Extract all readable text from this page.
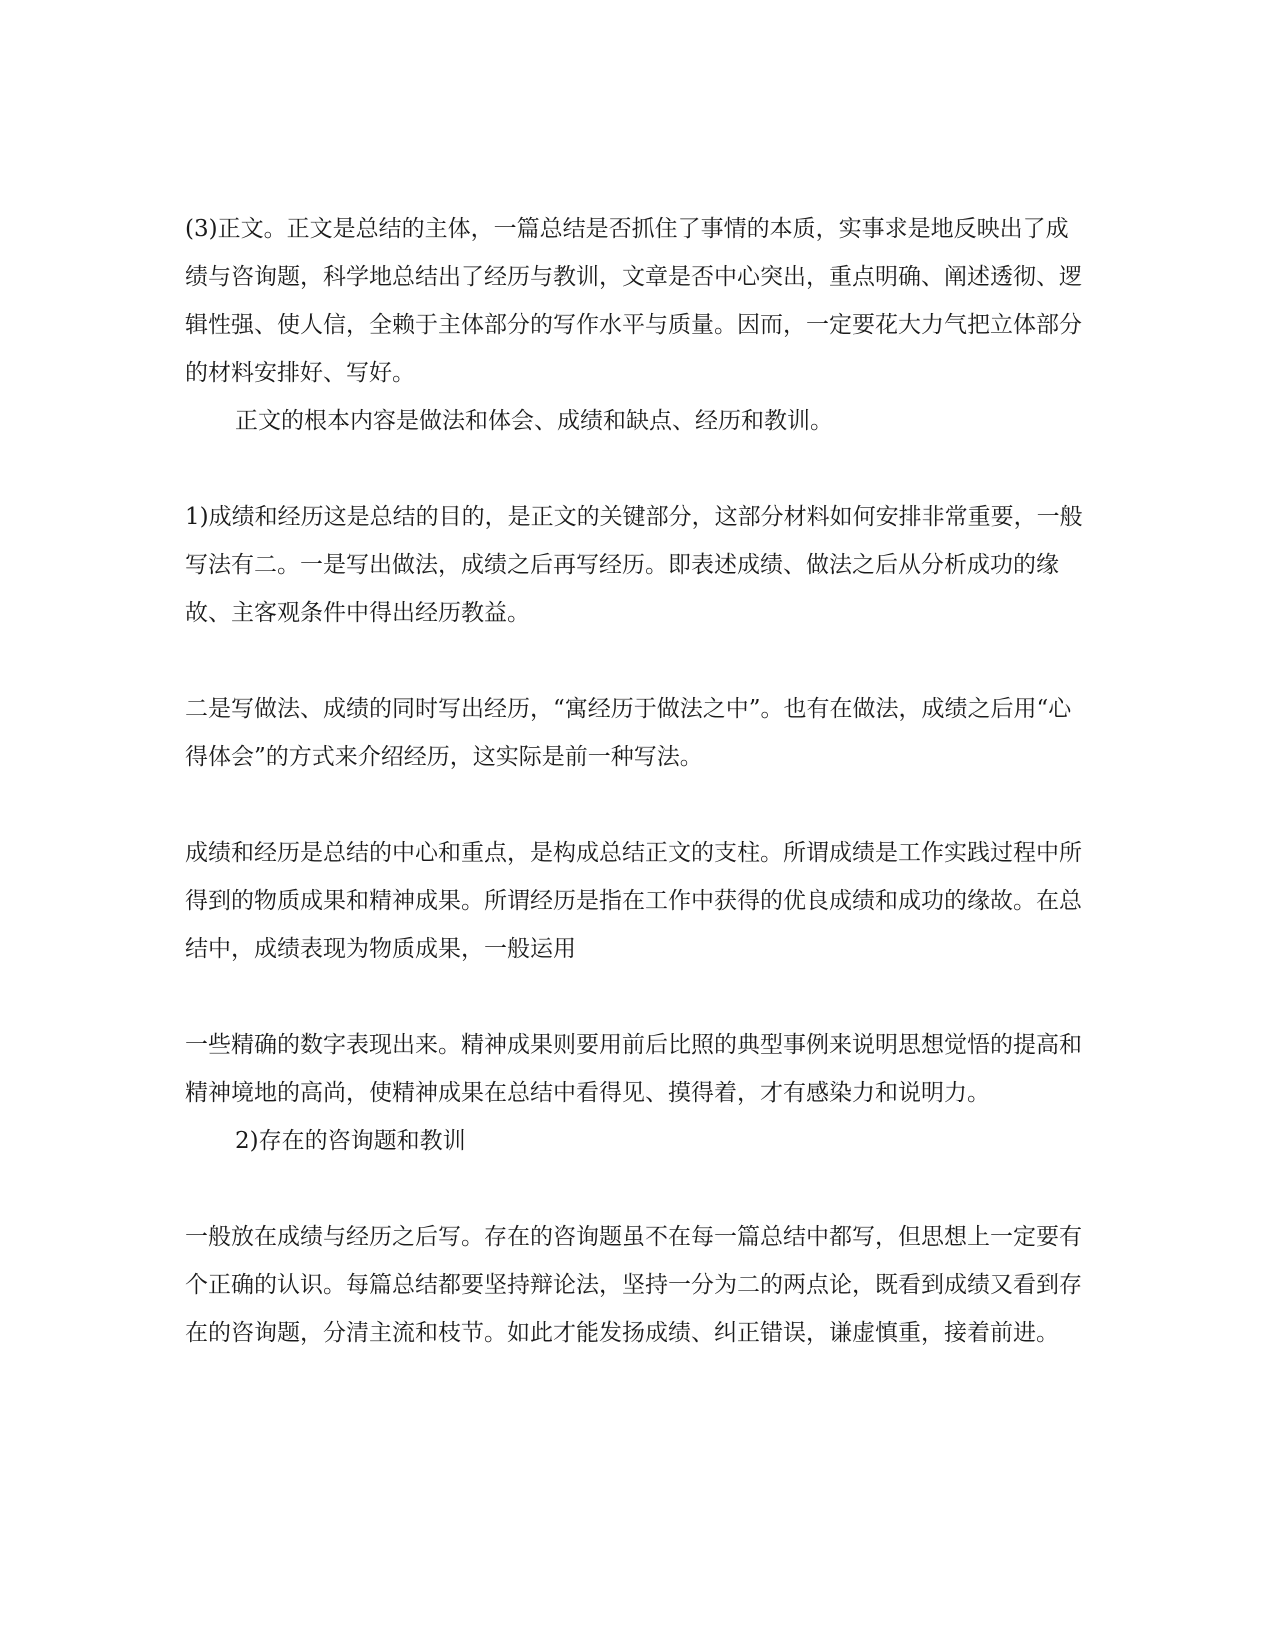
(3)正文。正文是总结的主体，一篇总结是否抓住了事情的本质，实事求是地反映出了成绩与咨询题，科学地总结出了经历与教训，文章是否中心突出，重点明确、阐述透彻、逻辑性强、使人信，全赖于主体部分的写作水平与质量。因而，一定要花大力气把立体部分的材料安排好、写好。

正文的根本内容是做法和体会、成绩和缺点、经历和教训。

1)成绩和经历这是总结的目的，是正文的关键部分，这部分材料如何安排非常重要，一般写法有二。一是写出做法，成绩之后再写经历。即表述成绩、做法之后从分析成功的缘故、主客观条件中得出经历教益。

二是写做法、成绩的同时写出经历，“寓经历于做法之中”。也有在做法，成绩之后用“心得体会”的方式来介绍经历，这实际是前一种写法。

成绩和经历是总结的中心和重点，是构成总结正文的支柱。所谓成绩是工作实践过程中所得到的物质成果和精神成果。所谓经历是指在工作中获得的优良成绩和成功的缘故。在总结中，成绩表现为物质成果，一般运用

一些精确的数字表现出来。精神成果则要用前后比照的典型事例来说明思想觉悟的提高和精神境地的高尚，使精神成果在总结中看得见、摸得着，才有感染力和说明力。

2)存在的咨询题和教训

一般放在成绩与经历之后写。存在的咨询题虽不在每一篇总结中都写，但思想上一定要有个正确的认识。每篇总结都要坚持辩论法，坚持一分为二的两点论，既看到成绩又看到存在的咨询题，分清主流和枝节。如此才能发扬成绩、纠正错误，谦虚慎重，接着前进。
